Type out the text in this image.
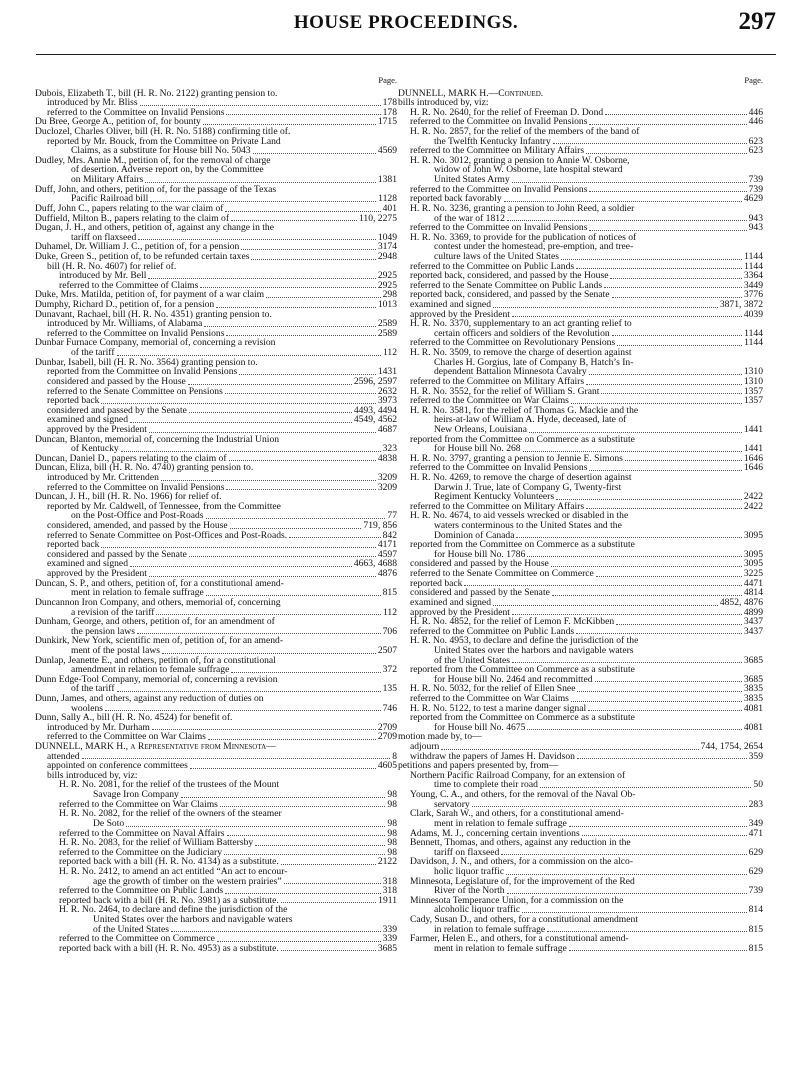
HOUSE PROCEEDINGS.	297
Page.
Dubois, Elizabeth T., bill (H. R. No. 2122) granting pension to.
introduced by Mr. Bliss	178
referred to the Committee on Invalid Pensions	178
Du Bree, George A., petition of, for bounty	1715
Duclozel, Charles Oliver, bill (H. R. No. 5188) confirming title of.
reported by Mr. Bouck, from the Committee on Private Land
Claims, as a substitute for House bill No. 5043	4569
Dudley, Mrs. Annie M., petition of, for the removal of charge
of desertion. Adverse report on, by the Committee
on Military Affairs	1381
Duff, John, and others, petition of, for the passage of the Texas
Pacific Railroad bill	1128
Duff, John C., papers relating to the war claim of	401
Duffield, Milton B., papers relating to the claim of	110, 2275
Dugan, J. H., and others, petition of, against any change in the
tariff on flaxseed	1049
Duhamel, Dr. William J. C., petition of, for a pension	3174
Duke, Green S., petition of, to be refunded certain taxes	2948
bill (H. R. No. 4607) for relief of.
introduced by Mr. Bell	2925
referred to the Committee of Claims	2925
Duke, Mrs. Matilda, petition of, for payment of a war claim	298
Dumphy, Richard D., petition of, for a pension	1013
Dunavant, Rachael, bill (H. R. No. 4351) granting pension to.
introduced by Mr. Williams, of Alabama	2589
referred to the Committee on Invalid Pensions	2589
Dunbar Furnace Company, memorial of, concerning a revision
of the tariff	112
Dunbar, Isabell, bill (H. R. No. 3564) granting pension to.
reported from the Committee on Invalid Pensions	1431
considered and passed by the House	2596, 2597
referred to the Senate Committee on Pensions	2632
reported back	3973
considered and passed by the Senate	4493, 4494
examined and signed	4549, 4562
approved by the President	4687
Duncan, Blanton, memorial of, concerning the Industrial Union
of Kentucky	323
Duncan, Daniel D., papers relating to the claim of	4838
Duncan, Eliza, bill (H. R. No. 4740) granting pension to.
introduced by Mr. Crittenden	3209
referred to the Committee on Invalid Pensions	3209
Duncan, J. H., bill (H. R. No. 1966) for relief of.
reported by Mr. Caldwell, of Tennessee, from the Committee
on the Post-Office and Post-Roads	77
considered, amended, and passed by the House	719, 856
referred to Senate Committee on Post-Offices and Post-Roads.	842
reported back	4171
considered and passed by the Senate	4597
examined and signed	4663, 4688
approved by the President	4876
Duncan, S. P., and others, petition of, for a constitutional amend-
ment in relation to female suffrage	815
Duncannon Iron Company, and others, memorial of, concerning
a revision of the tariff	112
Dunham, George, and others, petition of, for an amendment of
the pension laws	706
Dunkirk, New York, scientific men of, petition of, for an amend-
ment of the postal laws	2507
Dunlap, Jeanette E., and others, petition of, for a constitutional
amendment in relation to female suffrage	372
Dunn Edge-Tool Company, memorial of, concerning a revision
of the tariff	135
Dunn, James, and others, against any reduction of duties on
woolens	746
Dunn, Sally A., bill (H. R. No. 4524) for benefit of.
introduced by Mr. Durham	2709
referred to the Committee on War Claims	2709
DUNNELL, MARK H., a Representative from Minnesota—
attended	8
appointed on conference committees	4605
bills introduced by, viz:
H. R. No. 2081, for the relief of the trustees of the Mount
Savage Iron Company	98
referred to the Committee on War Claims	98
H. R. No. 2082, for the relief of the owners of the steamer
De Soto	98
referred to the Committee on Naval Affairs	98
H. R. No. 2083, for the relief of William Battersby	98
referred to the Committee on the Judiciary	98
reported back with a bill (H. R. No. 4134) as a substitute.	2122
H. R. No. 2412, to amend an act entitled “An act to encour-
age the growth of timber on the western prairies”	318
referred to the Committee on Public Lands	318
reported back with a bill (H. R. No. 3981) as a substitute.	1911
H. R. No. 2464, to declare and define the jurisdiction of the
United States over the harbors and navigable waters
of the United States	339
referred to the Committee on Commerce	339
reported back with a bill (H. R. No. 4953) as a substitute.	3685
Page.
DUNNELL, MARK H.—Continued.
bills introduced by, viz:
H. R. No. 2640, for the relief of Freeman D. Dond	446
referred to the Committee on Invalid Pensions	446
H. R. No. 2857, for the relief of the members of the band of
the Twelfth Kentucky Infantry	623
referred to the Committee on Military Affairs	623
H. R. No. 3012, granting a pension to Annie W. Osborne,
widow of John W. Osborne, late hospital steward
United States Army	739
referred to the Committee on Invalid Pensions	739
reported back favorably	4629
H. R. No. 3236, granting a pension to John Reed, a soldier
of the war of 1812	943
referred to the Committee on Invalid Pensions	943
H. R. No. 3369, to provide for the publication of notices of
contest under the homestead, pre-emption, and tree-
culture laws of the United States	1144
referred to the Committee on Public Lands	1144
reported back, considered, and passed by the House	3364
referred to the Senate Committee on Public Lands	3449
reported back, considered, and passed by the Senate	3776
examined and signed	3871, 3872
approved by the President	4039
H. R. No. 3370, supplementary to an act granting relief to
certain officers and soldiers of the Revolution	1144
referred to the Committee on Revolutionary Pensions	1144
H. R. No. 3509, to remove the charge of desertion against
Charles H. Gorgius, late of Company B, Hatch’s In-
dependent Battalion Minnesota Cavalry	1310
referred to the Committee on Military Affairs	1310
H. R. No. 3552, for the relief of William S. Grant	1357
referred to the Committee on War Claims	1357
H. R. No. 3581, for the relief of Thomas G. Mackie and the
heirs-at-law of William A. Hyde, deceased, late of
New Orleans, Louisiana	1441
reported from the Committee on Commerce as a substitute
for House bill No. 268	1441
H. R. No. 3797, granting a pension to Jennie E. Simons	1646
referred to the Committee on Invalid Pensions	1646
H. R. No. 4269, to remove the charge of desertion against
Darwin J. True, late of Company G, Twenty-first
Regiment Kentucky Volunteers	2422
referred to the Committee on Military Affairs	2422
H. R. No. 4674, to aid vessels wrecked or disabled in the
waters conterminous to the United States and the
Dominion of Canada	3095
reported from the Committee on Commerce as a substitute
for House bill No. 1786	3095
considered and passed by the House	3095
referred to the Senate Committee on Commerce	3225
reported back	4471
considered and passed by the Senate	4814
examined and signed	4852, 4876
approved by the President	4899
H. R. No. 4852, for the relief of Lemon F. McKibben	3437
referred to the Committee on Public Lands	3437
H. R. No. 4953, to declare and define the jurisdiction of the
United States over the harbors and navigable waters
of the United States	3685
reported from the Committee on Commerce as a substitute
for House bill No. 2464 and recommitted	3685
H. R. No. 5032, for the relief of Ellen Snee	3835
referred to the Committee on War Claims	3835
H. R. No. 5122, to test a marine danger signal	4081
reported from the Committee on Commerce as a substitute
for House bill No. 4675	4081
motion made by, to—
adjourn	744, 1754, 2654
withdraw the papers of James H. Davidson	359
petitions and papers presented by, from—
Northern Pacific Railroad Company, for an extension of
time to complete their road	50
Young, C. A., and others, for the removal of the Naval Ob-
servatory	283
Clark, Sarah W., and others, for a constitutional amend-
ment in relation to female suffrage	349
Adams, M. J., concerning certain inventions	471
Bennett, Thomas, and others, against any reduction in the
tariff on flaxseed	629
Davidson, J. N., and others, for a commission on the alco-
holic liquor traffic	629
Minnesota, Legislature of, for the improvement of the Red
River of the North	739
Minnesota Temperance Union, for a commission on the
alcoholic liquor traffic	814
Cady, Susan D., and others, for a constitutional amendment
in relation to female suffrage	815
Farmer, Helen E., and others, for a constitutional amend-
ment in relation to female suffrage	815
